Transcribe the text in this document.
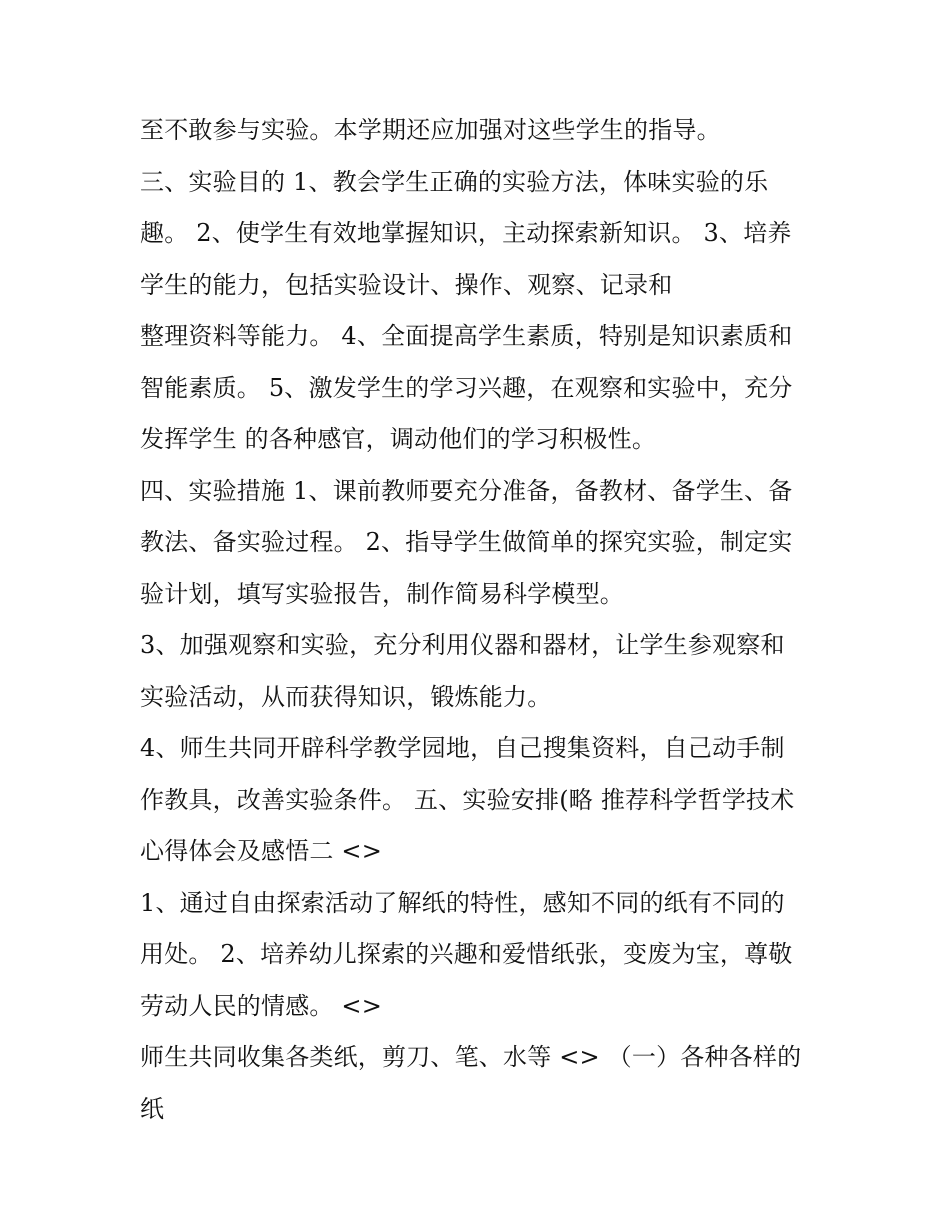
至不敢参与实验。本学期还应加强对这些学生的指导。
三、实验目的 1、教会学生正确的实验方法，体味实验的乐
趣。 2、使学生有效地掌握知识，主动探索新知识。 3、培养
学生的能力，包括实验设计、操作、观察、记录和
整理资料等能力。 4、全面提高学生素质，特别是知识素质和
智能素质。 5、激发学生的学习兴趣，在观察和实验中，充分
发挥学生 的各种感官，调动他们的学习积极性。
四、实验措施 1、课前教师要充分准备，备教材、备学生、备
教法、备实验过程。 2、指导学生做简单的探究实验，制定实
验计划，填写实验报告，制作简易科学模型。
3、加强观察和实验，充分利用仪器和器材，让学生参观察和
实验活动，从而获得知识，锻炼能力。
4、师生共同开辟科学教学园地，自己搜集资料，自己动手制
作教具，改善实验条件。 五、实验安排(略 推荐科学哲学技术
心得体会及感悟二 <>
1、通过自由探索活动了解纸的特性，感知不同的纸有不同的
用处。 2、培养幼儿探索的兴趣和爱惜纸张，变废为宝，尊敬
劳动人民的情感。 <>
师生共同收集各类纸，剪刀、笔、水等 <> （一）各种各样的
纸
